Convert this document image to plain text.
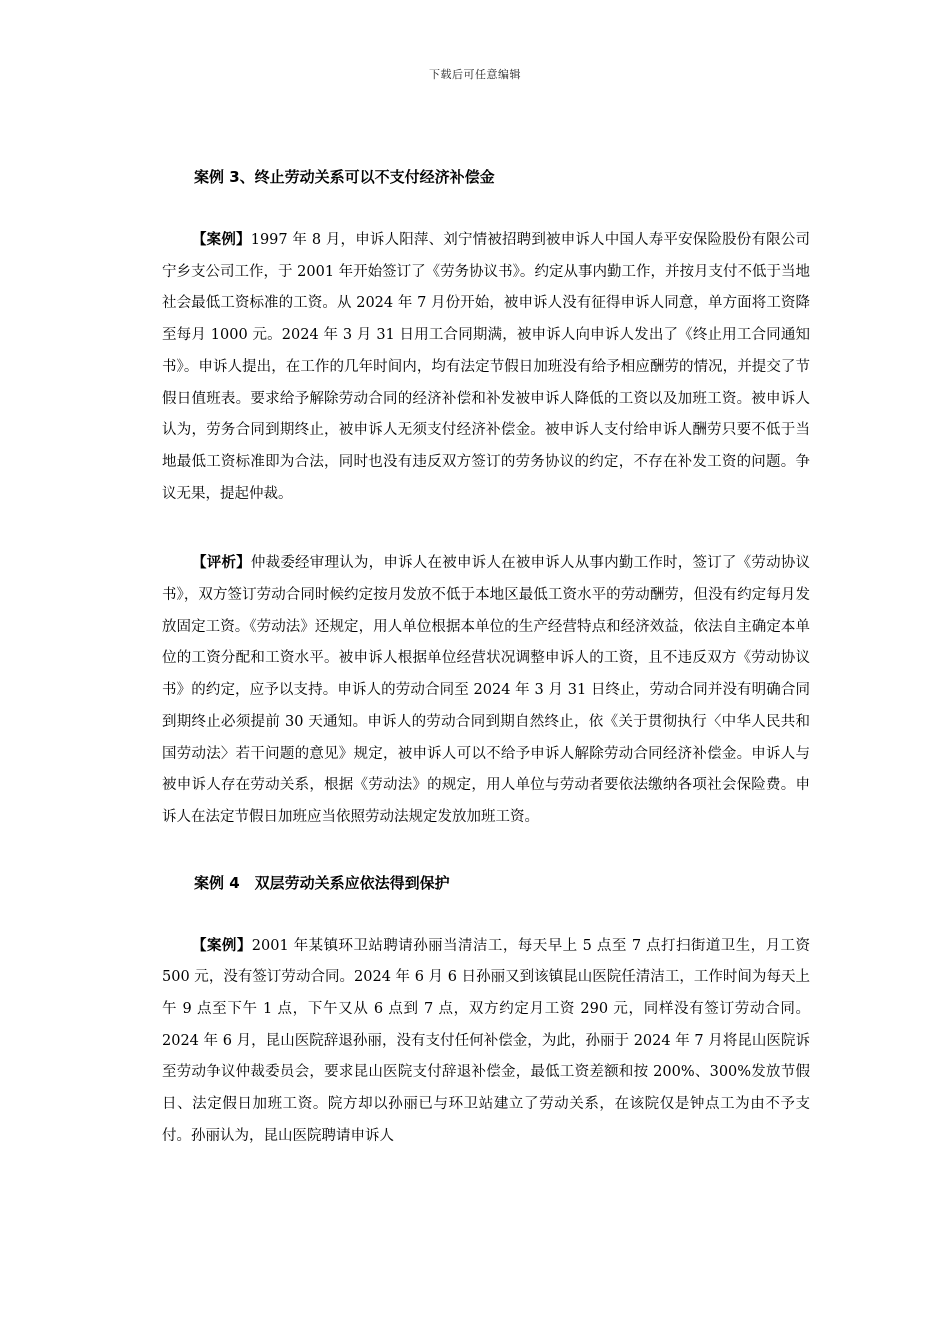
下载后可任意编辑
案例 3、终止劳动关系可以不支付经济补偿金

【案例】1997 年 8 月，申诉人阳萍、刘宁情被招聘到被申诉人中国人寿平安保险股份有限公司宁乡支公司工作，于 2001 年开始签订了《劳务协议书》。约定从事内勤工作，并按月支付不低于当地社会最低工资标准的工资。从 2024 年 7 月份开始，被申诉人没有征得申诉人同意，单方面将工资降至每月 1000 元。2024 年 3 月 31 日用工合同期满，被申诉人向申诉人发出了《终止用工合同通知书》。申诉人提出，在工作的几年时间内，均有法定节假日加班没有给予相应酬劳的情况，并提交了节假日值班表。要求给予解除劳动合同的经济补偿和补发被申诉人降低的工资以及加班工资。被申诉人认为，劳务合同到期终止，被申诉人无须支付经济补偿金。被申诉人支付给申诉人酬劳只要不低于当地最低工资标准即为合法，同时也没有违反双方签订的劳务协议的约定，不存在补发工资的问题。争议无果，提起仲裁。

【评析】仲裁委经审理认为，申诉人在被申诉人在被申诉人从事内勤工作时，签订了《劳动协议书》，双方签订劳动合同时候约定按月发放不低于本地区最低工资水平的劳动酬劳，但没有约定每月发放固定工资。《劳动法》还规定，用人单位根据本单位的生产经营特点和经济效益，依法自主确定本单位的工资分配和工资水平。被申诉人根据单位经营状况调整申诉人的工资，且不违反双方《劳动协议书》的约定，应予以支持。申诉人的劳动合同至 2024 年 3 月 31 日终止，劳动合同并没有明确合同到期终止必须提前 30 天通知。申诉人的劳动合同到期自然终止，依《关于贯彻执行〈中华人民共和国劳动法〉若干问题的意见》规定，被申诉人可以不给予申诉人解除劳动合同经济补偿金。申诉人与被申诉人存在劳动关系，根据《劳动法》的规定，用人单位与劳动者要依法缴纳各项社会保险费。申诉人在法定节假日加班应当依照劳动法规定发放加班工资。

案例 4　双层劳动关系应依法得到保护

【案例】2001 年某镇环卫站聘请孙丽当清洁工，每天早上 5 点至 7 点打扫街道卫生，月工资 500 元，没有签订劳动合同。2024 年 6 月 6 日孙丽又到该镇昆山医院任清洁工，工作时间为每天上午 9 点至下午 1 点，下午又从 6 点到 7 点，双方约定月工资 290 元，同样没有签订劳动合同。2024 年 6 月，昆山医院辞退孙丽，没有支付任何补偿金，为此，孙丽于 2024 年 7 月将昆山医院诉至劳动争议仲裁委员会，要求昆山医院支付辞退补偿金，最低工资差额和按 200%、300%发放节假日、法定假日加班工资。院方却以孙丽已与环卫站建立了劳动关系，在该院仅是钟点工为由不予支付。孙丽认为，昆山医院聘请申诉人
